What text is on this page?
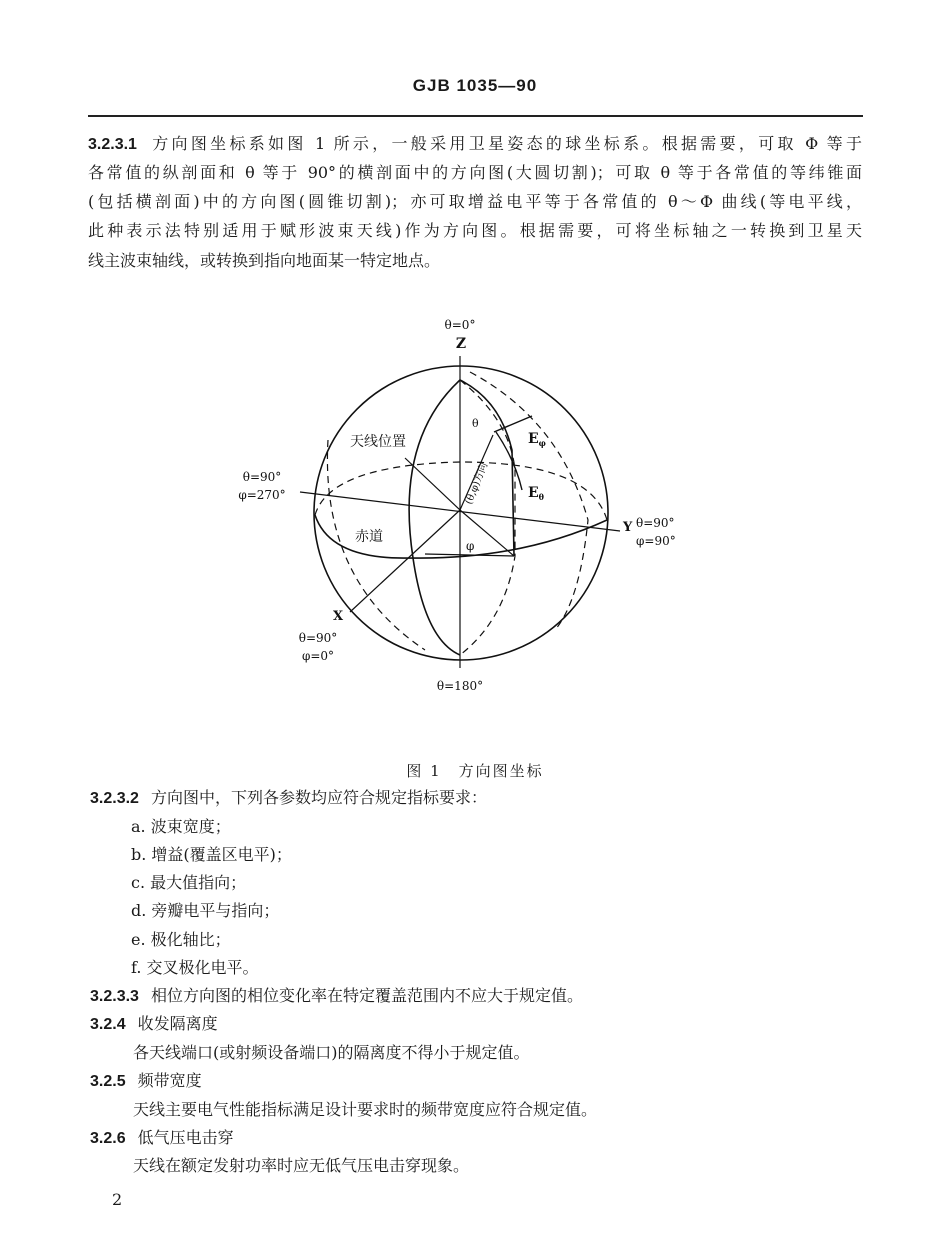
GJB 1035—90
3.2.3.1 方向图坐标系如图 1 所示，一般采用卫星姿态的球坐标系。根据需要，可取 Φ 等于
各常值的纵剖面和 θ 等于 90°的横剖面中的方向图(大圆切割)；可取 θ 等于各常值的等纬锥面
(包括横剖面)中的方向图(圆锥切割)；亦可取增益电平等于各常值的 θ～Φ 曲线(等电平线，
此种表示法特别适用于赋形波束天线)作为方向图。根据需要，可将坐标轴之一转换到卫星天
线主波束轴线，或转换到指向地面某一特定地点。
θ=0°
Z
θ=180°
θ=90°
φ=270°
Y θ=90°
φ=90°
X
θ=90°
φ=0°
天线位置
赤道
θ
φ
(θ,φ)方向
$E_\varphi$
$E_\theta$
图 1　方向图坐标
3.2.3.2 方向图中，下列各参数均应符合规定指标要求：
a. 波束宽度；
b. 增益(覆盖区电平)；
c. 最大值指向；
d. 旁瓣电平与指向；
e. 极化轴比；
f. 交叉极化电平。
3.2.3.3 相位方向图的相位变化率在特定覆盖范围内不应大于规定值。
3.2.4 收发隔离度
各天线端口(或射频设备端口)的隔离度不得小于规定值。
3.2.5 频带宽度
天线主要电气性能指标满足设计要求时的频带宽度应符合规定值。
3.2.6 低气压电击穿
天线在额定发射功率时应无低气压电击穿现象。
2
